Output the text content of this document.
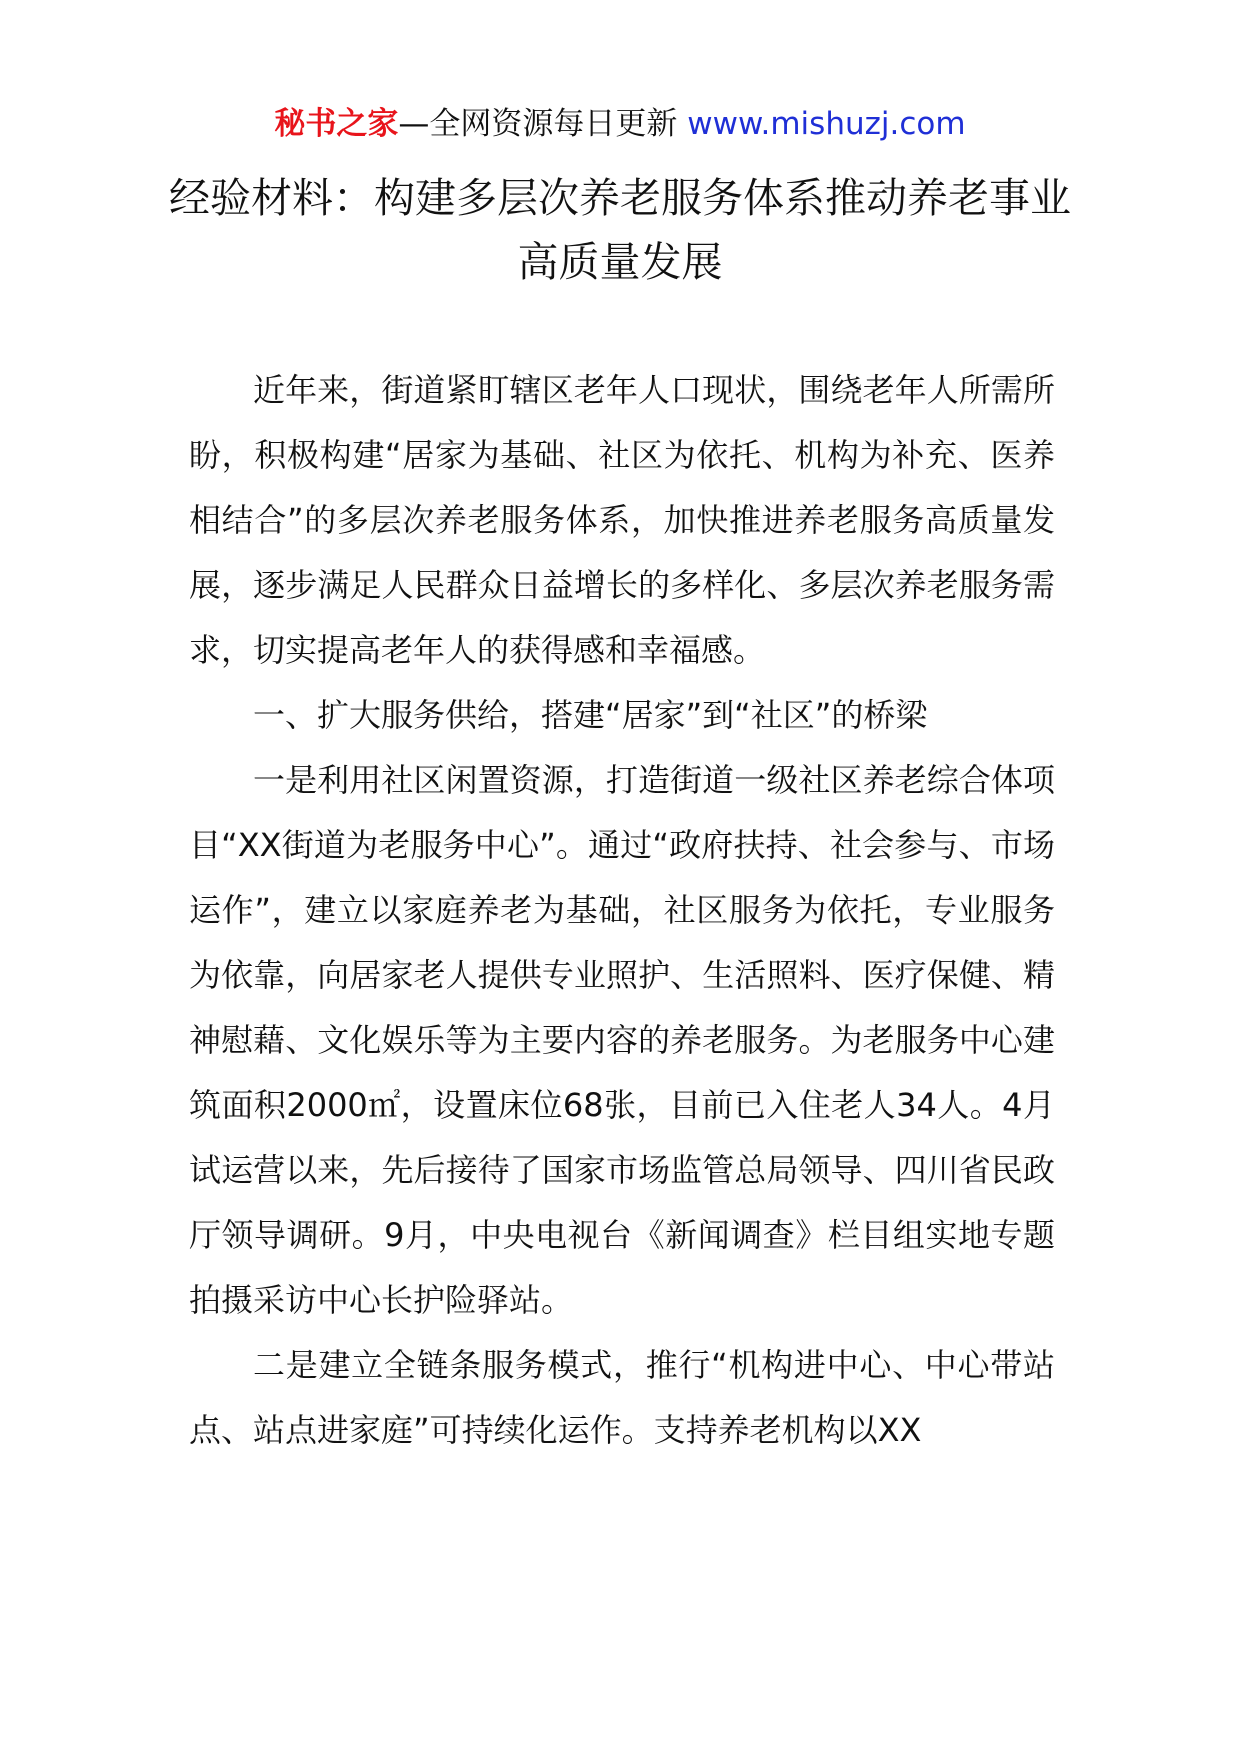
秘书之家—全网资源每日更新 www.mishuzj.com
经验材料：构建多层次养老服务体系推动养老事业高质量发展

近年来，街道紧盯辖区老年人口现状，围绕老年人所需所盼，积极构建“居家为基础、社区为依托、机构为补充、医养相结合”的多层次养老服务体系，加快推进养老服务高质量发展，逐步满足人民群众日益增长的多样化、多层次养老服务需求，切实提高老年人的获得感和幸福感。

一、扩大服务供给，搭建“居家”到“社区”的桥梁

一是利用社区闲置资源，打造街道一级社区养老综合体项目“XX街道为老服务中心”。通过“政府扶持、社会参与、市场运作”，建立以家庭养老为基础，社区服务为依托，专业服务为依靠，向居家老人提供专业照护、生活照料、医疗保健、精神慰藉、文化娱乐等为主要内容的养老服务。为老服务中心建筑面积2000㎡，设置床位68张，目前已入住老人34人。4月试运营以来，先后接待了国家市场监管总局领导、四川省民政厅领导调研。9月，中央电视台《新闻调查》栏目组实地专题拍摄采访中心长护险驿站。

二是建立全链条服务模式，推行“机构进中心、中心带站点、站点进家庭”可持续化运作。支持养老机构以XX
